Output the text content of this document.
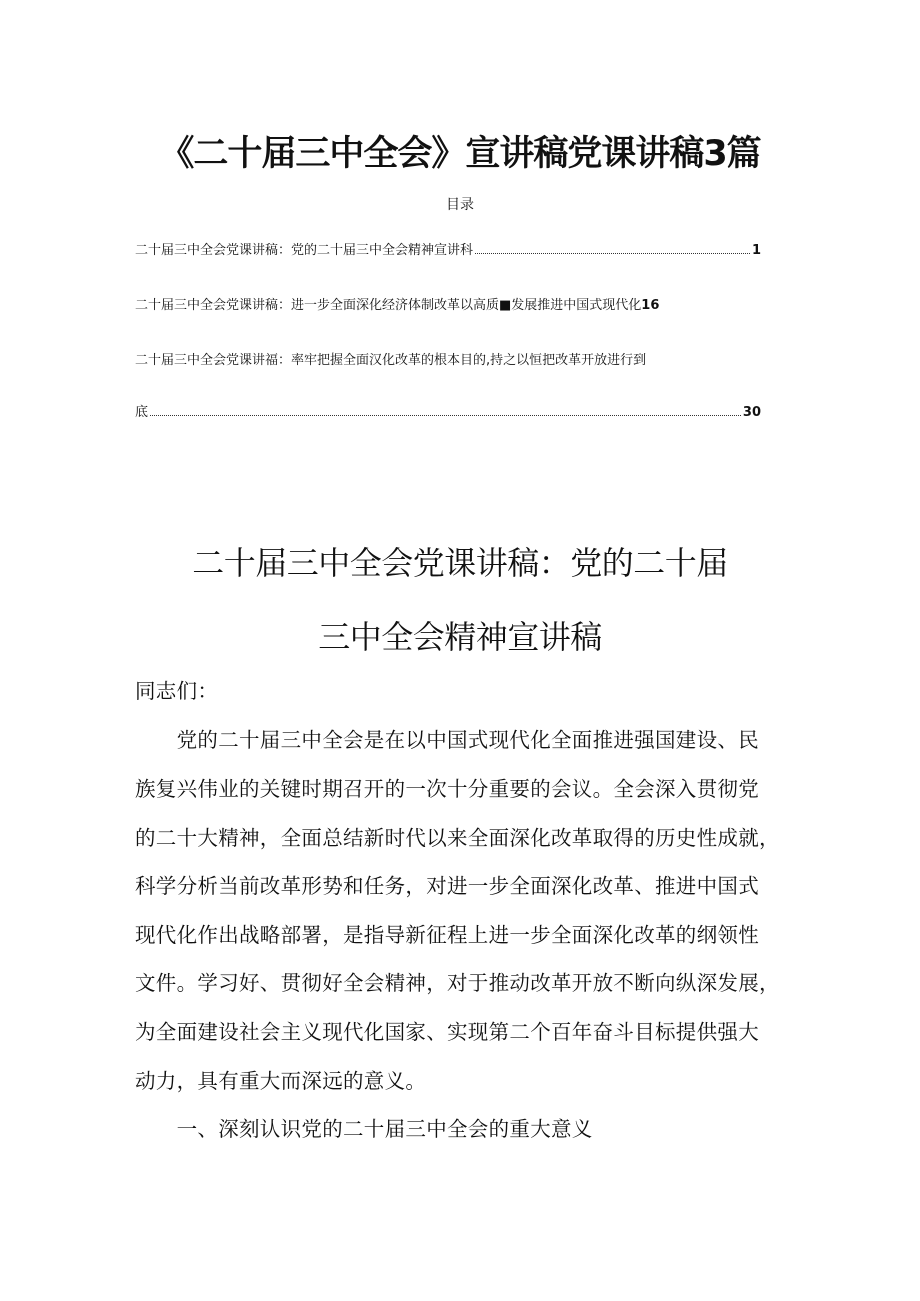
《二十届三中全会》宣讲稿党课讲稿3篇
目录
二十届三中全会党课讲稿：党的二十届三中全会精神宣讲科	1
二十届三中全会党课讲稿：进一步全面深化经济体制改革以高质■发展推进中国式现代化 16
二十届三中全会党课讲福：率牢把握全面汉化改革的根本目的,持之以恒把改革开放进行到
底	30
二十届三中全会党课讲稿：党的二十届
三中全会精神宣讲稿
同志们：
　　党的二十届三中全会是在以中国式现代化全面推进强国建设、民
族复兴伟业的关键时期召开的一次十分重要的会议。全会深入贯彻党
的二十大精神，全面总结新时代以来全面深化改革取得的历史性成就，
科学分析当前改革形势和任务，对进一步全面深化改革、推进中国式
现代化作出战略部署，是指导新征程上进一步全面深化改革的纲领性
文件。学习好、贯彻好全会精神，对于推动改革开放不断向纵深发展，
为全面建设社会主义现代化国家、实现第二个百年奋斗目标提供强大
动力，具有重大而深远的意义。
　　一、深刻认识党的二十届三中全会的重大意义
